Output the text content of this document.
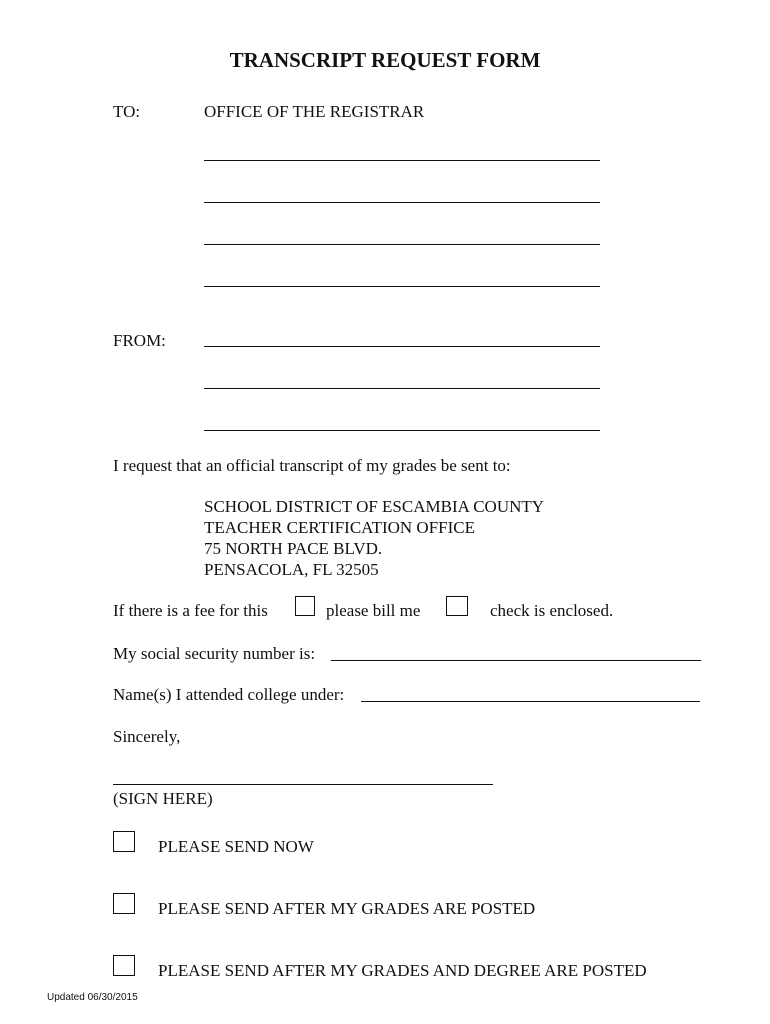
TRANSCRIPT REQUEST FORM
TO:	OFFICE OF THE REGISTRAR
FROM:
I request that an official transcript of my grades be sent to:
SCHOOL DISTRICT OF ESCAMBIA COUNTY
TEACHER CERTIFICATION OFFICE
75 NORTH PACE BLVD.
PENSACOLA, FL 32505
If there is a fee for this	please bill me	check is enclosed.
My social security number is:
Name(s) I attended college under:
Sincerely,
(SIGN HERE)
PLEASE SEND NOW
PLEASE SEND AFTER MY GRADES ARE POSTED
PLEASE SEND AFTER MY GRADES AND DEGREE ARE POSTED
Updated 06/30/2015
